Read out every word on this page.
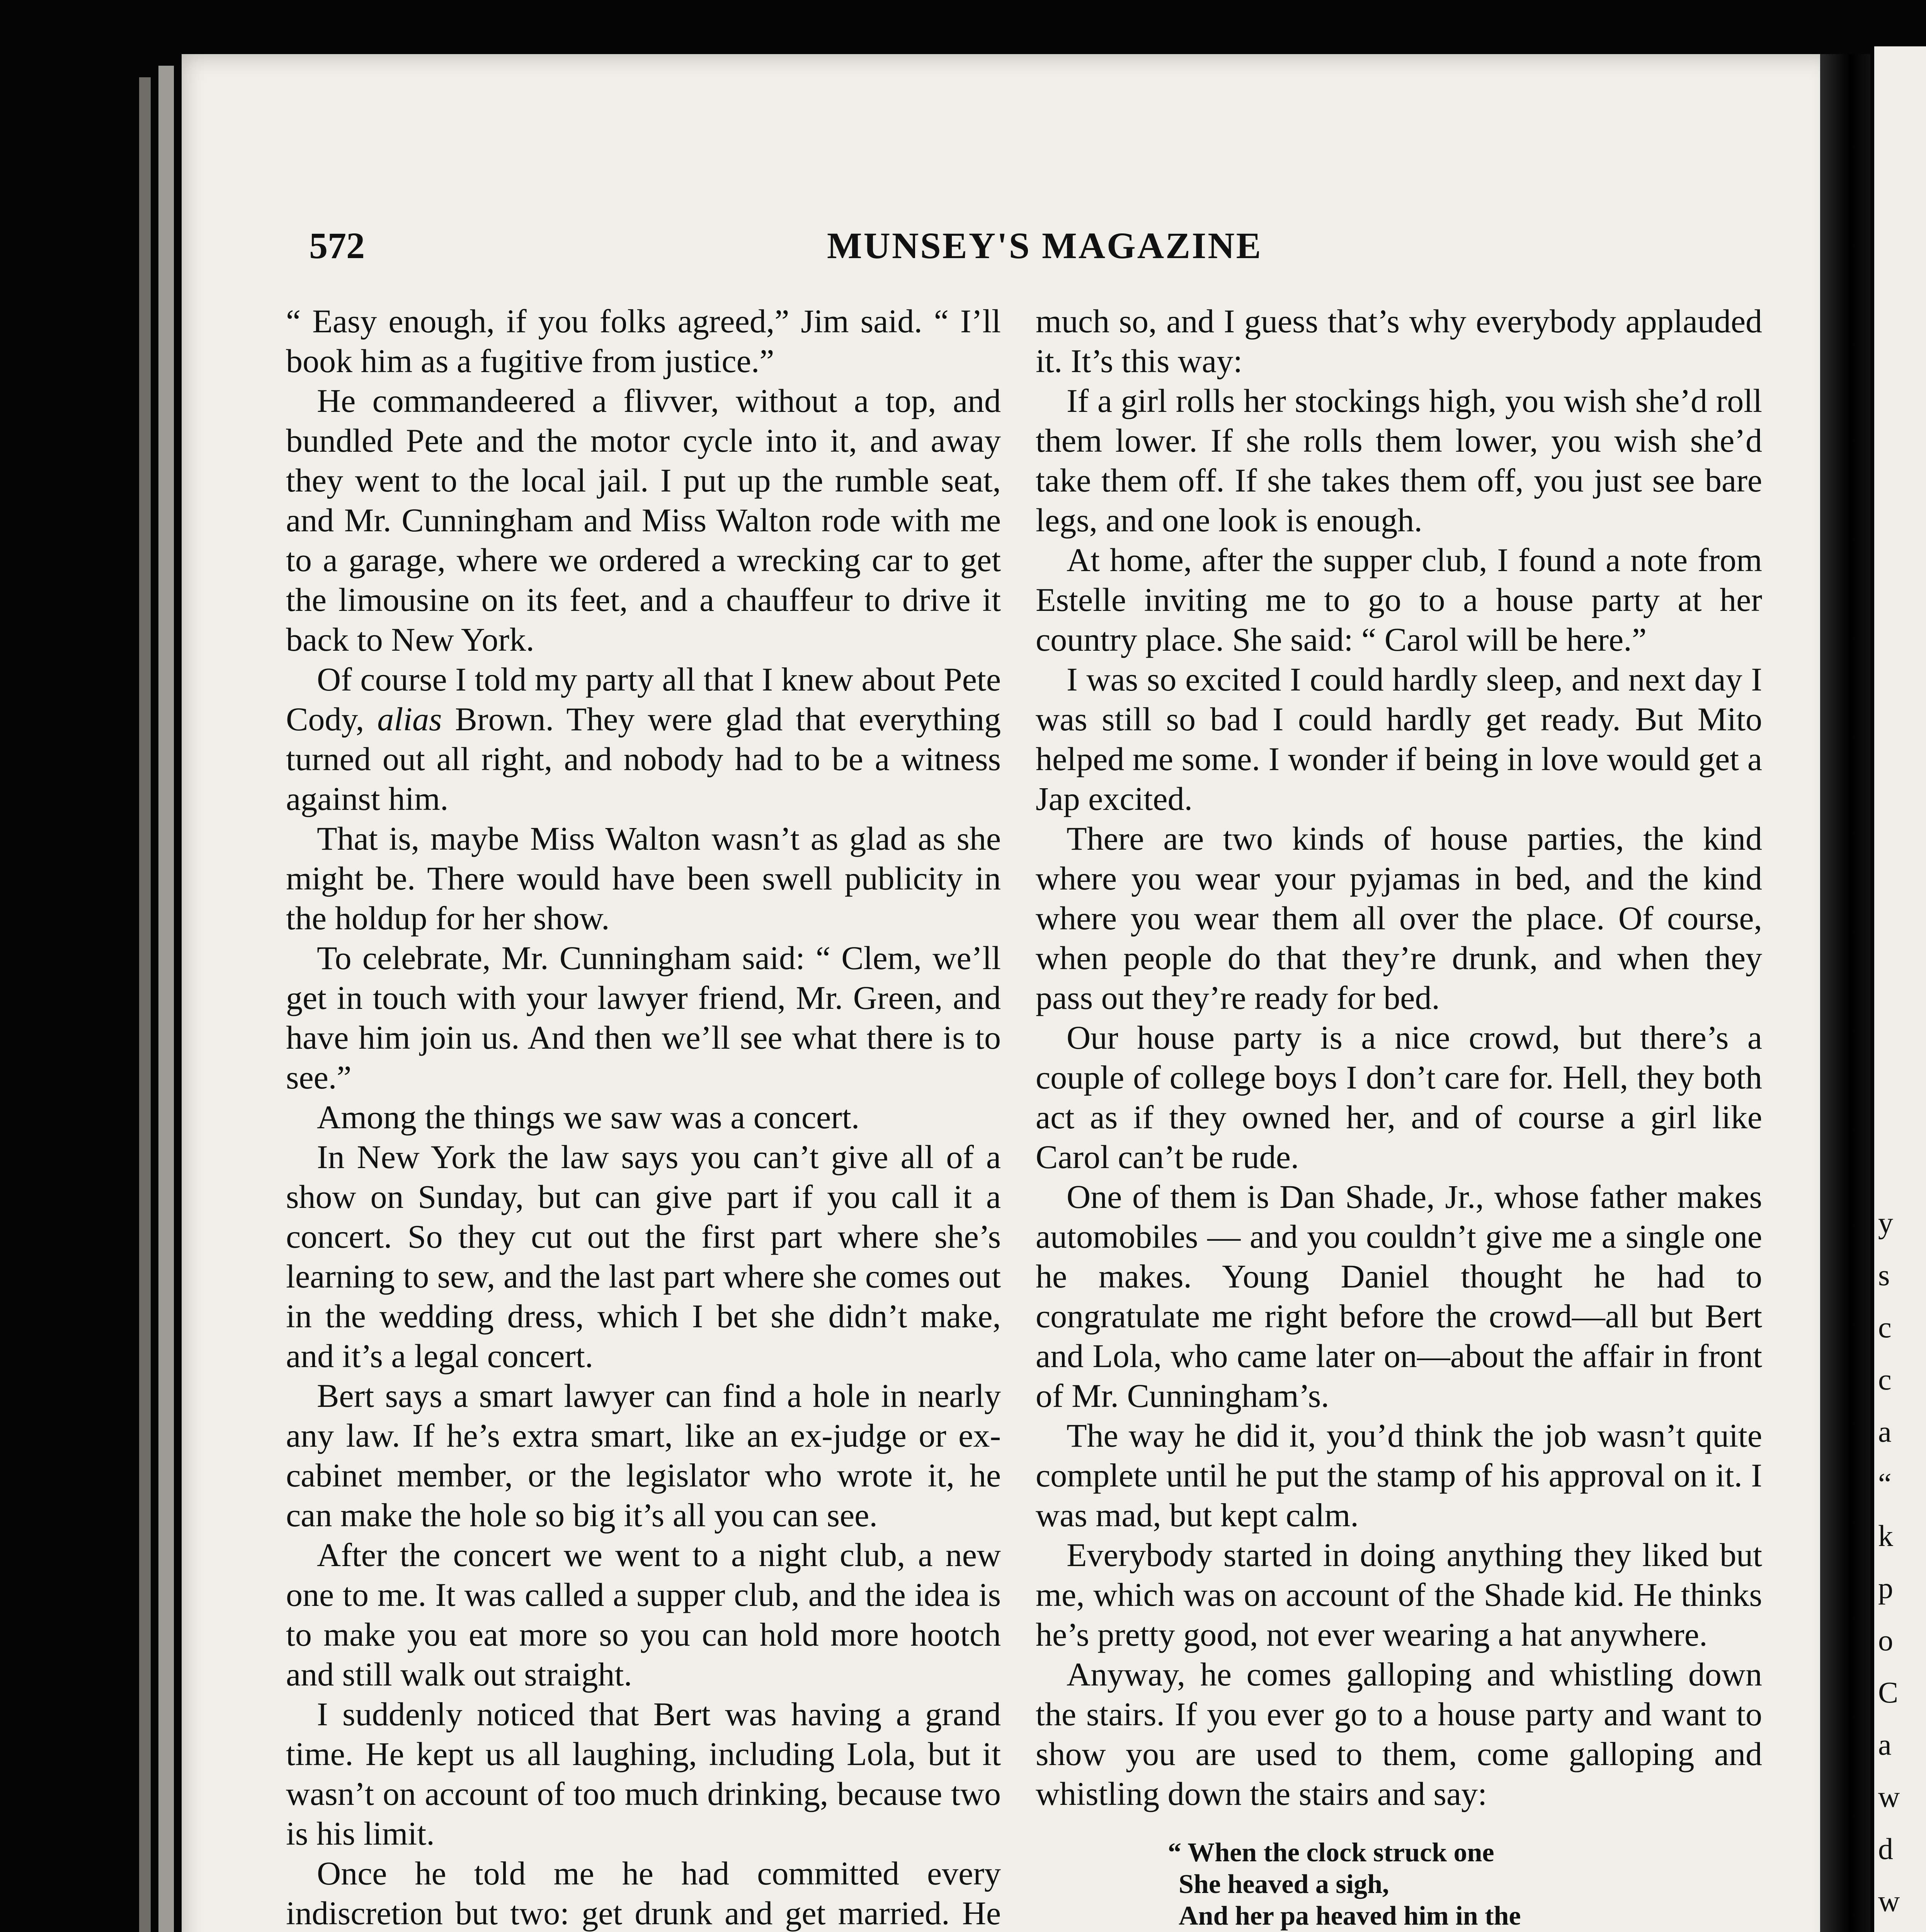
y
s
c
c
a
“
k
p
o
C
a
w
d
w
572	MUNSEY'S MAGAZINE

“ Easy enough, if you folks agreed,” Jim said. “ I’ll book him as a fugitive from justice.”

He commandeered a flivver, without a top, and bundled Pete and the motor cycle into it, and away they went to the local jail. I put up the rumble seat, and Mr. Cunningham and Miss Walton rode with me to a garage, where we ordered a wrecking car to get the limousine on its feet, and a chauffeur to drive it back to New York.

Of course I told my party all that I knew about Pete Cody, alias Brown. They were glad that everything turned out all right, and nobody had to be a witness against him.

That is, maybe Miss Walton wasn’t as glad as she might be. There would have been swell publicity in the holdup for her show.

To celebrate, Mr. Cunningham said: “ Clem, we’ll get in touch with your lawyer friend, Mr. Green, and have him join us. And then we’ll see what there is to see.”

Among the things we saw was a concert.

In New York the law says you can’t give all of a show on Sunday, but can give part if you call it a concert. So they cut out the first part where she’s learning to sew, and the last part where she comes out in the wedding dress, which I bet she didn’t make, and it’s a legal concert.

Bert says a smart lawyer can find a hole in nearly any law. If he’s extra smart, like an ex-judge or ex-cabinet member, or the legislator who wrote it, he can make the hole so big it’s all you can see.

After the concert we went to a night club, a new one to me. It was called a supper club, and the idea is to make you eat more so you can hold more hootch and still walk out straight.

I suddenly noticed that Bert was having a grand time. He kept us all laughing, including Lola, but it wasn’t on account of too much drinking, because two is his limit.

Once he told me he had committed every indiscretion but two: get drunk and get married. He

much so, and I guess that’s why everybody applauded it. It’s this way:

If a girl rolls her stockings high, you wish she’d roll them lower. If she rolls them lower, you wish she’d take them off. If she takes them off, you just see bare legs, and one look is enough.

At home, after the supper club, I found a note from Estelle inviting me to go to a house party at her country place. She said: “ Carol will be here.”

I was so excited I could hardly sleep, and next day I was still so bad I could hardly get ready. But Mito helped me some. I wonder if being in love would get a Jap excited.

There are two kinds of house parties, the kind where you wear your pyjamas in bed, and the kind where you wear them all over the place. Of course, when people do that they’re drunk, and when they pass out they’re ready for bed.

Our house party is a nice crowd, but there’s a couple of college boys I don’t care for. Hell, they both act as if they owned her, and of course a girl like Carol can’t be rude.

One of them is Dan Shade, Jr., whose father makes automobiles — and you couldn’t give me a single one he makes. Young Daniel thought he had to congratulate me right before the crowd—all but Bert and Lola, who came later on—about the affair in front of Mr. Cunningham’s.

The way he did it, you’d think the job wasn’t quite complete until he put the stamp of his approval on it. I was mad, but kept calm.

Everybody started in doing anything they liked but me, which was on account of the Shade kid. He thinks he’s pretty good, not ever wearing a hat anywhere.

Anyway, he comes galloping and whistling down the stairs. If you ever go to a house party and want to show you are used to them, come galloping and whistling down the stairs and say:

“ When the clock struck one
She heaved a sigh,
And her pa heaved him in the
